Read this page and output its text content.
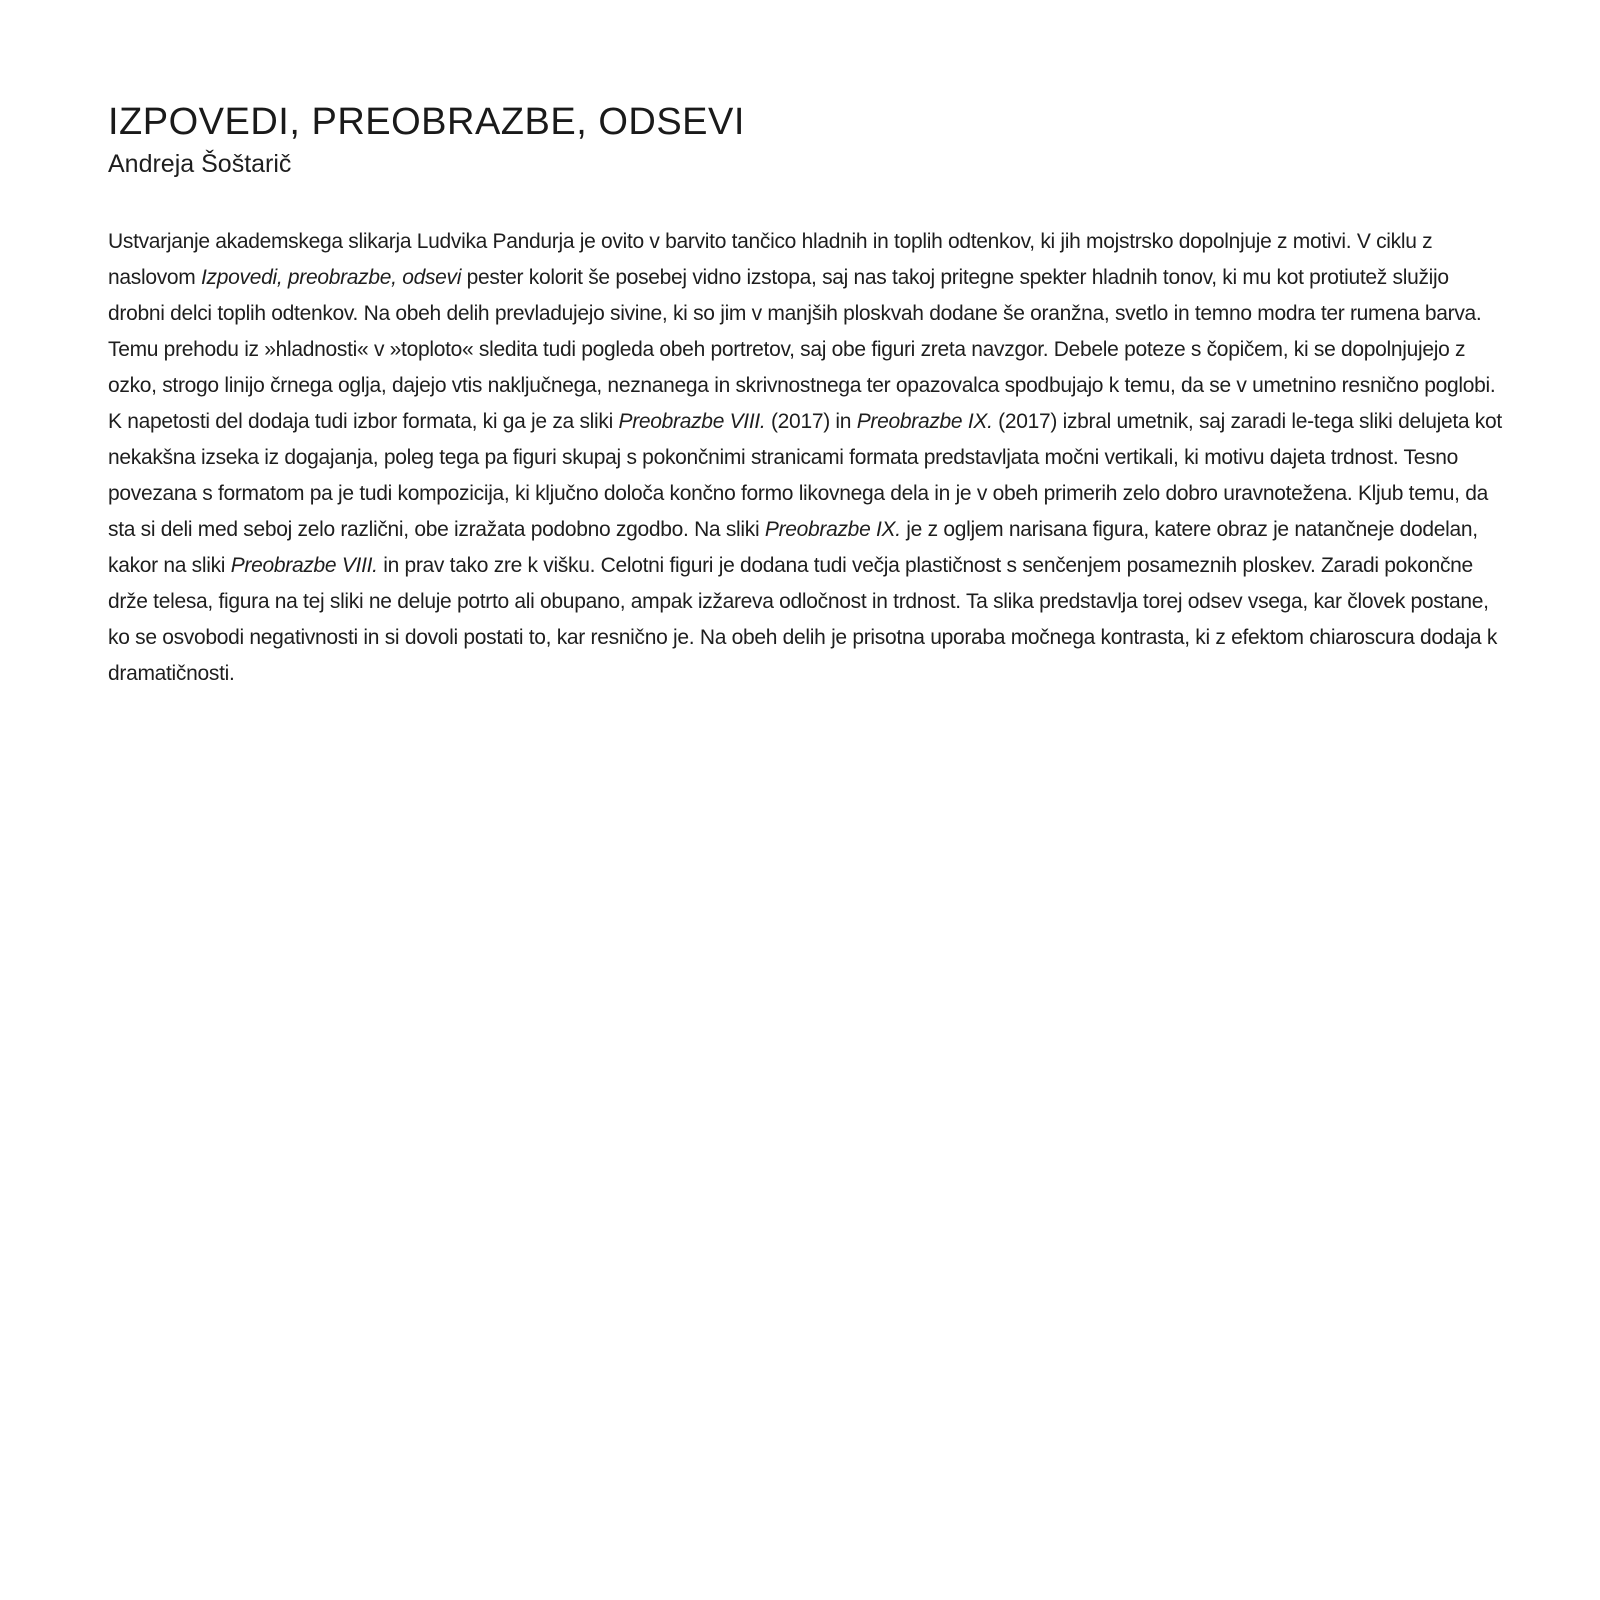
IZPOVEDI, PREOBRAZBE, ODSEVI
Andreja Šoštarič

Ustvarjanje akademskega slikarja Ludvika Pandurja je ovito v barvito tančico hladnih in toplih odtenkov, ki jih mojstrsko dopolnjuje z motivi. V ciklu z naslovom Izpovedi, preobrazbe, odsevi pester kolorit še posebej vidno izstopa, saj nas takoj pritegne spekter hladnih tonov, ki mu kot protiutež služijo drobni delci toplih odtenkov. Na obeh delih prevladujejo sivine, ki so jim v manjših ploskvah dodane še oranžna, svetlo in temno modra ter rumena barva. Temu prehodu iz »hladnosti« v »toploto« sledita tudi pogleda obeh portretov, saj obe figuri zreta navzgor. Debele poteze s čopičem, ki se dopolnjujejo z ozko, strogo linijo črnega oglja, dajejo vtis naključnega, neznanega in skrivnostnega ter opazovalca spodbujajo k temu, da se v umetnino resnično poglobi. K napetosti del dodaja tudi izbor formata, ki ga je za sliki Preobrazbe VIII. (2017) in Preobrazbe IX. (2017) izbral umetnik, saj zaradi le-tega sliki delujeta kot nekakšna izseka iz dogajanja, poleg tega pa figuri skupaj s pokončnimi stranicami formata predstavljata močni vertikali, ki motivu dajeta trdnost. Tesno povezana s formatom pa je tudi kompozicija, ki ključno določa končno formo likovnega dela in je v obeh primerih zelo dobro uravnotežena. Kljub temu, da sta si deli med seboj zelo različni, obe izražata podobno zgodbo. Na sliki Preobrazbe IX. je z ogljem narisana figura, katere obraz je natančneje dodelan, kakor na sliki Preobrazbe VIII. in prav tako zre k višku. Celotni figuri je dodana tudi večja plastičnost s senčenjem posameznih ploskev. Zaradi pokončne drže telesa, figura na tej sliki ne deluje potrto ali obupano, ampak izžareva odločnost in trdnost. Ta slika predstavlja torej odsev vsega, kar človek postane, ko se osvobodi negativnosti in si dovoli postati to, kar resnično je. Na obeh delih je prisotna uporaba močnega kontrasta, ki z efektom chiaroscura dodaja k dramatičnosti.
